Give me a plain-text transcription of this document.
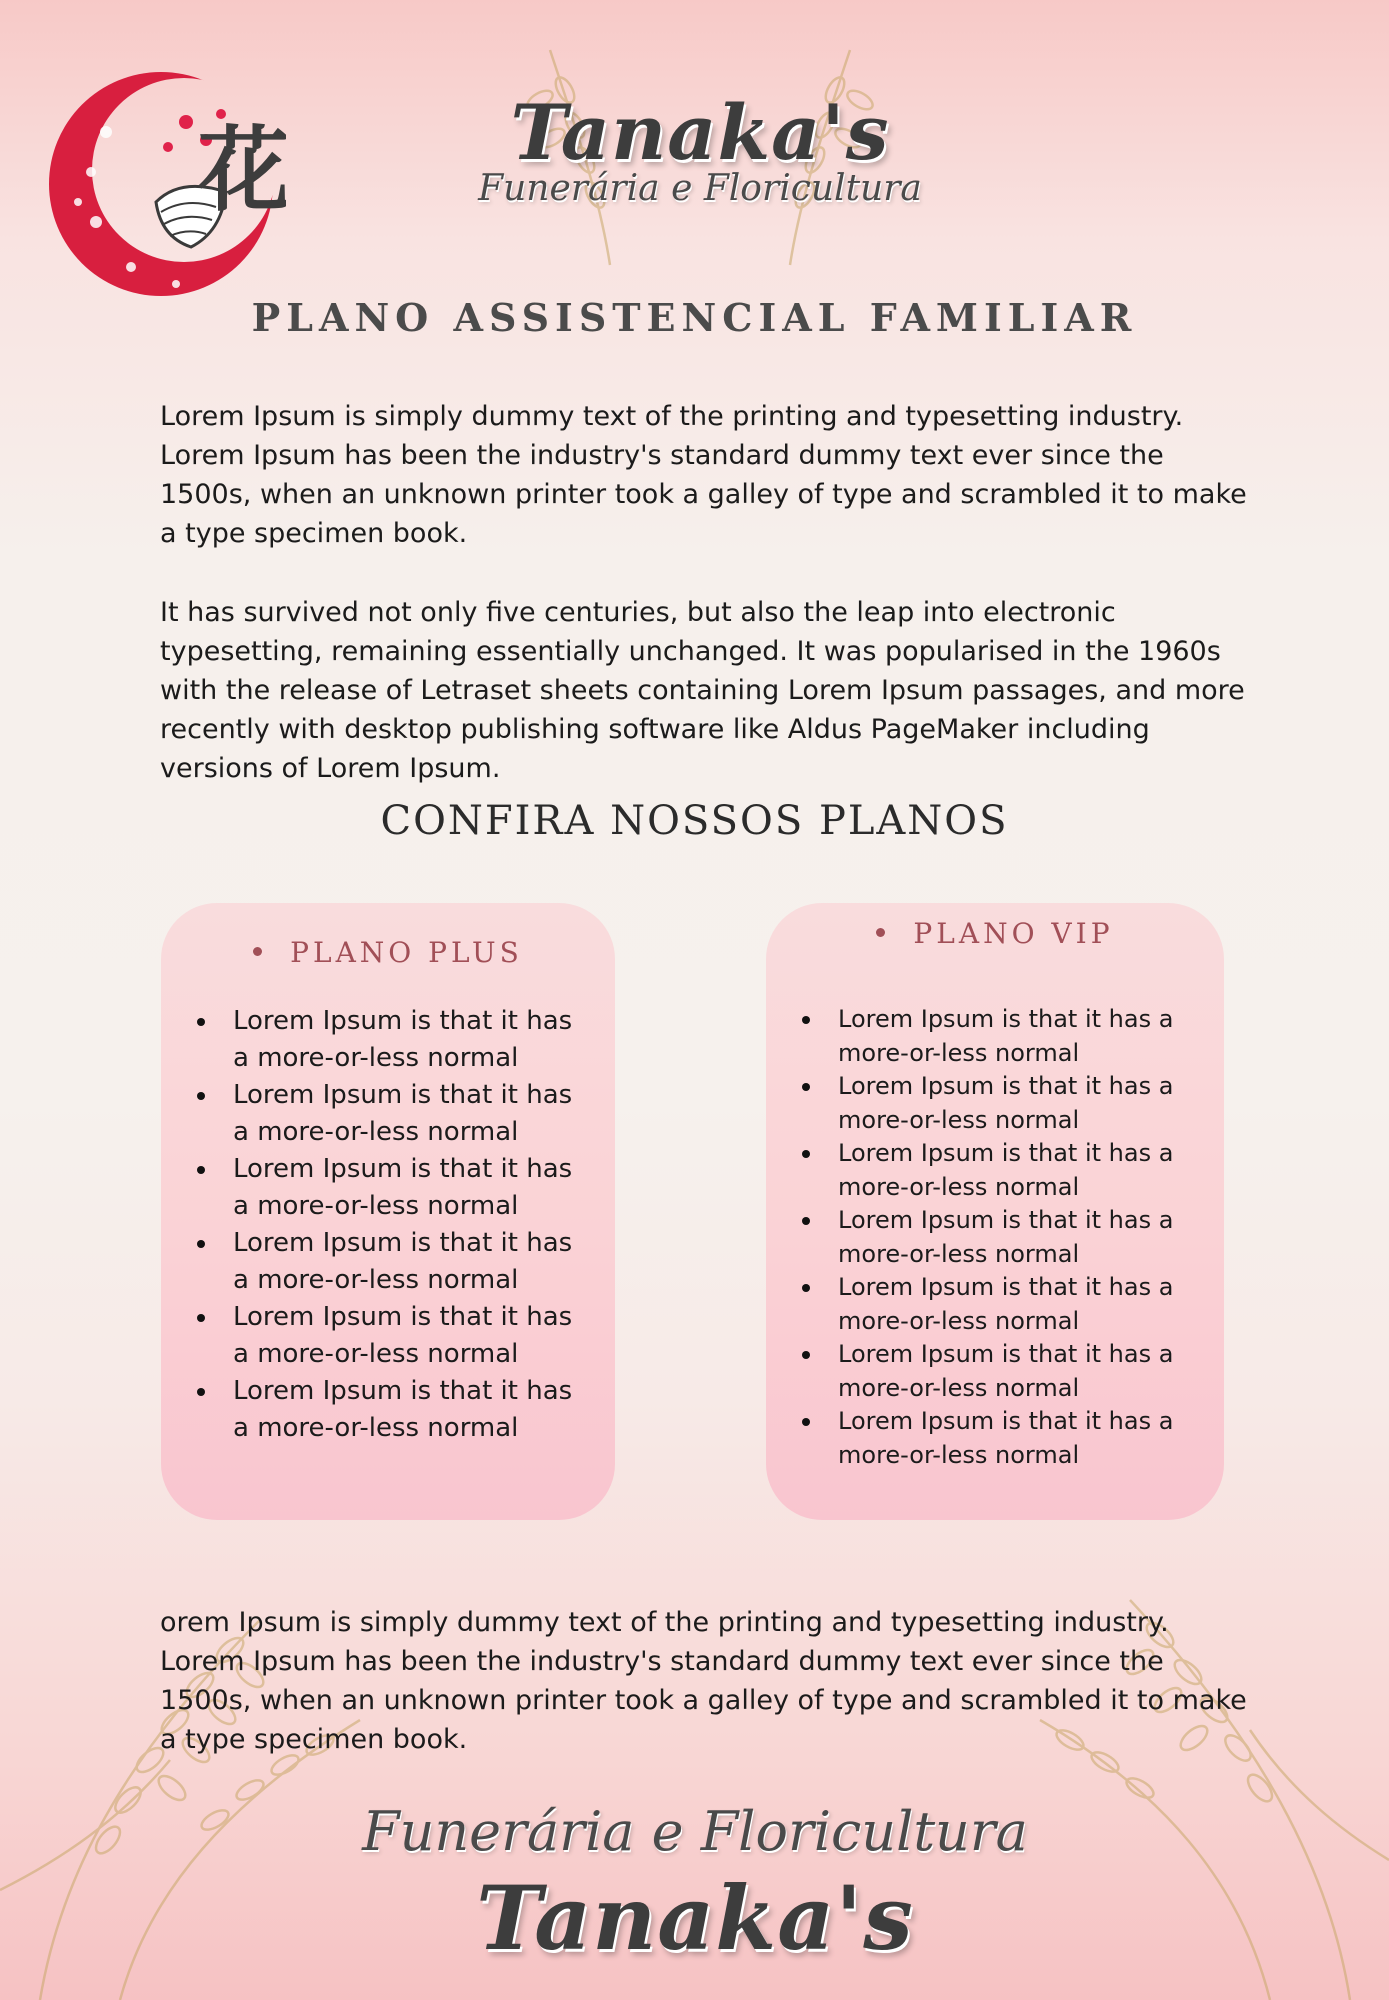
花	Tanaka's
Funerária e Floricultura
PLANO ASSISTENCIAL FAMILIAR

Lorem Ipsum is simply dummy text of the printing and typesetting industry. Lorem Ipsum has been the industry's standard dummy text ever since the 1500s, when an unknown printer took a galley of type and scrambled it to make a type specimen book.

It has survived not only five centuries, but also the leap into electronic typesetting, remaining essentially unchanged. It was popularised in the 1960s with the release of Letraset sheets containing Lorem Ipsum passages, and more recently with desktop publishing software like Aldus PageMaker including versions of Lorem Ipsum.

CONFIRA NOSSOS PLANOS
PLANO PLUS
Lorem Ipsum is that it has a more-or-less normal
Lorem Ipsum is that it has a more-or-less normal
Lorem Ipsum is that it has a more-or-less normal
Lorem Ipsum is that it has a more-or-less normal
Lorem Ipsum is that it has a more-or-less normal
Lorem Ipsum is that it has a more-or-less normal
PLANO VIP
Lorem Ipsum is that it has a more-or-less normal
Lorem Ipsum is that it has a more-or-less normal
Lorem Ipsum is that it has a more-or-less normal
Lorem Ipsum is that it has a more-or-less normal
Lorem Ipsum is that it has a more-or-less normal
Lorem Ipsum is that it has a more-or-less normal
Lorem Ipsum is that it has a more-or-less normal

orem Ipsum is simply dummy text of the printing and typesetting industry. Lorem Ipsum has been the industry's standard dummy text ever since the 1500s, when an unknown printer took a galley of type and scrambled it to make a type specimen book.

Funerária e Floricultura
Tanaka's
